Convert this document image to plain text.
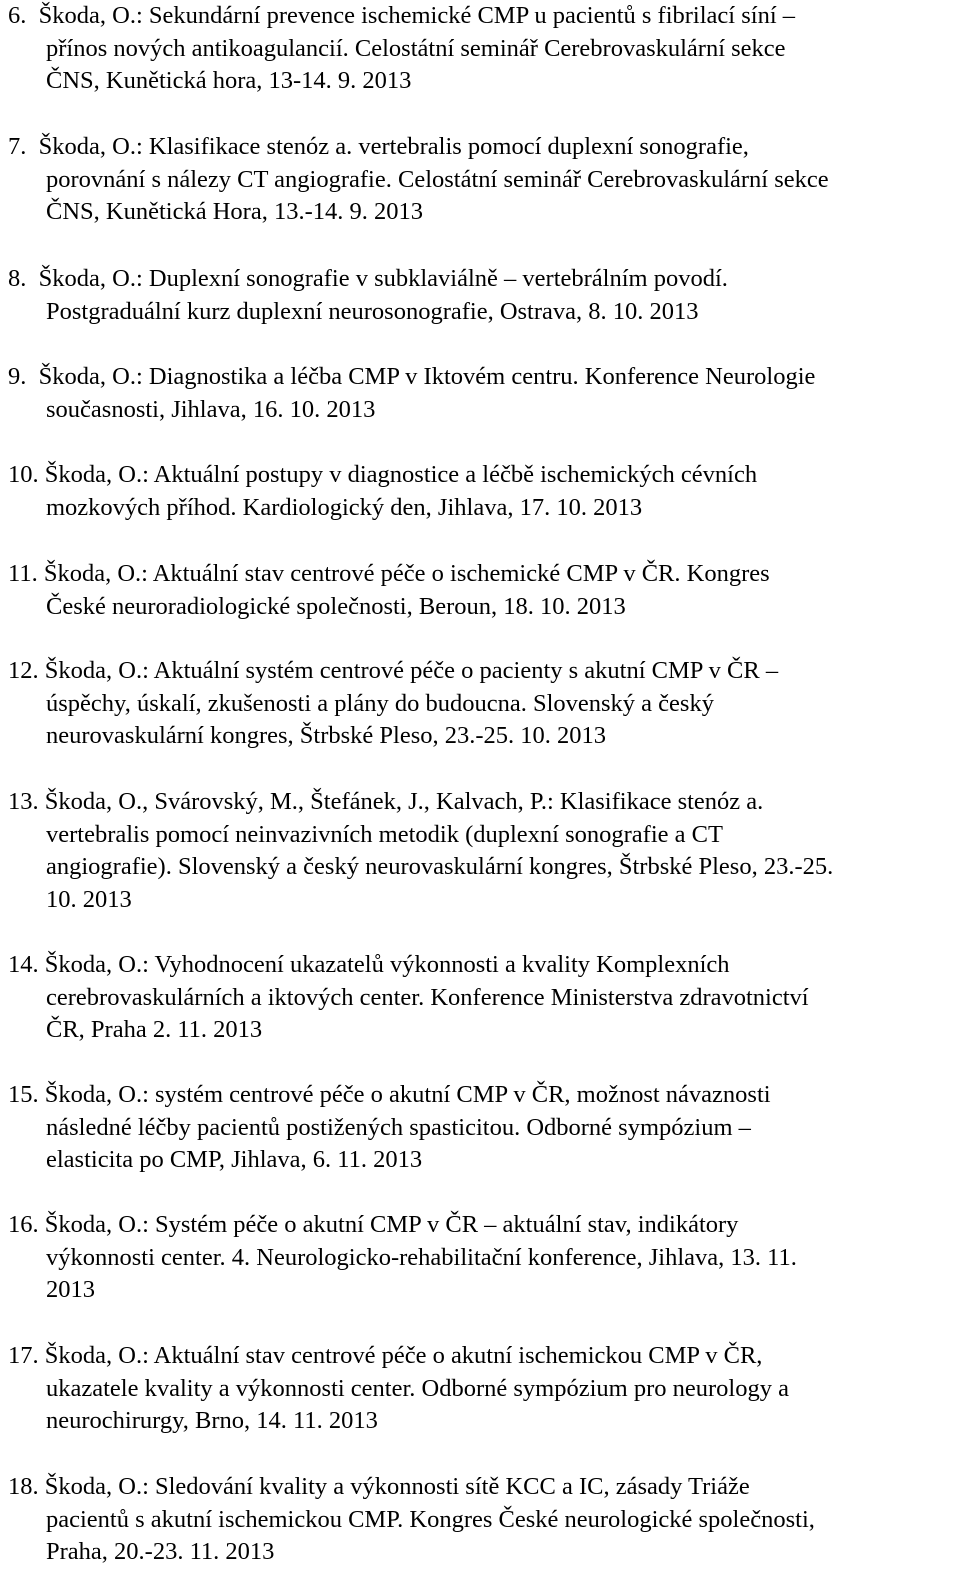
6.  Škoda, O.: Sekundární prevence ischemické CMP u pacientů s fibrilací síní –
přínos nových antikoagulancií. Celostátní seminář Cerebrovaskulární sekce
ČNS, Kunětická hora, 13-14. 9. 2013
7.  Škoda, O.: Klasifikace stenóz a. vertebralis pomocí duplexní sonografie,
porovnání s nálezy CT angiografie. Celostátní seminář Cerebrovaskulární sekce
ČNS, Kunětická Hora, 13.-14. 9. 2013
8.  Škoda, O.: Duplexní sonografie v subklaviálně – vertebrálním povodí.
Postgraduální kurz duplexní neurosonografie, Ostrava, 8. 10. 2013
9.  Škoda, O.: Diagnostika a léčba CMP v Iktovém centru. Konference Neurologie
současnosti, Jihlava, 16. 10. 2013
10. Škoda, O.: Aktuální postupy v diagnostice a léčbě ischemických cévních
mozkových příhod. Kardiologický den, Jihlava, 17. 10. 2013
11. Škoda, O.: Aktuální stav centrové péče o ischemické CMP v ČR. Kongres
České neuroradiologické společnosti, Beroun, 18. 10. 2013
12. Škoda, O.: Aktuální systém centrové péče o pacienty s akutní CMP v ČR –
úspěchy, úskalí, zkušenosti a plány do budoucna. Slovenský a český
neurovaskulární kongres, Štrbské Pleso, 23.-25. 10. 2013
13. Škoda, O., Svárovský, M., Štefánek, J., Kalvach, P.: Klasifikace stenóz a.
vertebralis pomocí neinvazivních metodik (duplexní sonografie a CT
angiografie). Slovenský a český neurovaskulární kongres, Štrbské Pleso, 23.-25.
10. 2013
14. Škoda, O.: Vyhodnocení ukazatelů výkonnosti a kvality Komplexních
cerebrovaskulárních a iktových center. Konference Ministerstva zdravotnictví
ČR, Praha 2. 11. 2013
15. Škoda, O.: systém centrové péče o akutní CMP v ČR, možnost návaznosti
následné léčby pacientů postižených spasticitou. Odborné sympózium –
elasticita po CMP, Jihlava, 6. 11. 2013
16. Škoda, O.: Systém péče o akutní CMP v ČR – aktuální stav, indikátory
výkonnosti center. 4. Neurologicko-rehabilitační konference, Jihlava, 13. 11.
2013
17. Škoda, O.: Aktuální stav centrové péče o akutní ischemickou CMP v ČR,
ukazatele kvality a výkonnosti center. Odborné sympózium pro neurology a
neurochirurgy, Brno, 14. 11. 2013
18. Škoda, O.: Sledování kvality a výkonnosti sítě KCC a IC, zásady Triáže
pacientů s akutní ischemickou CMP. Kongres České neurologické společnosti,
Praha, 20.-23. 11. 2013
